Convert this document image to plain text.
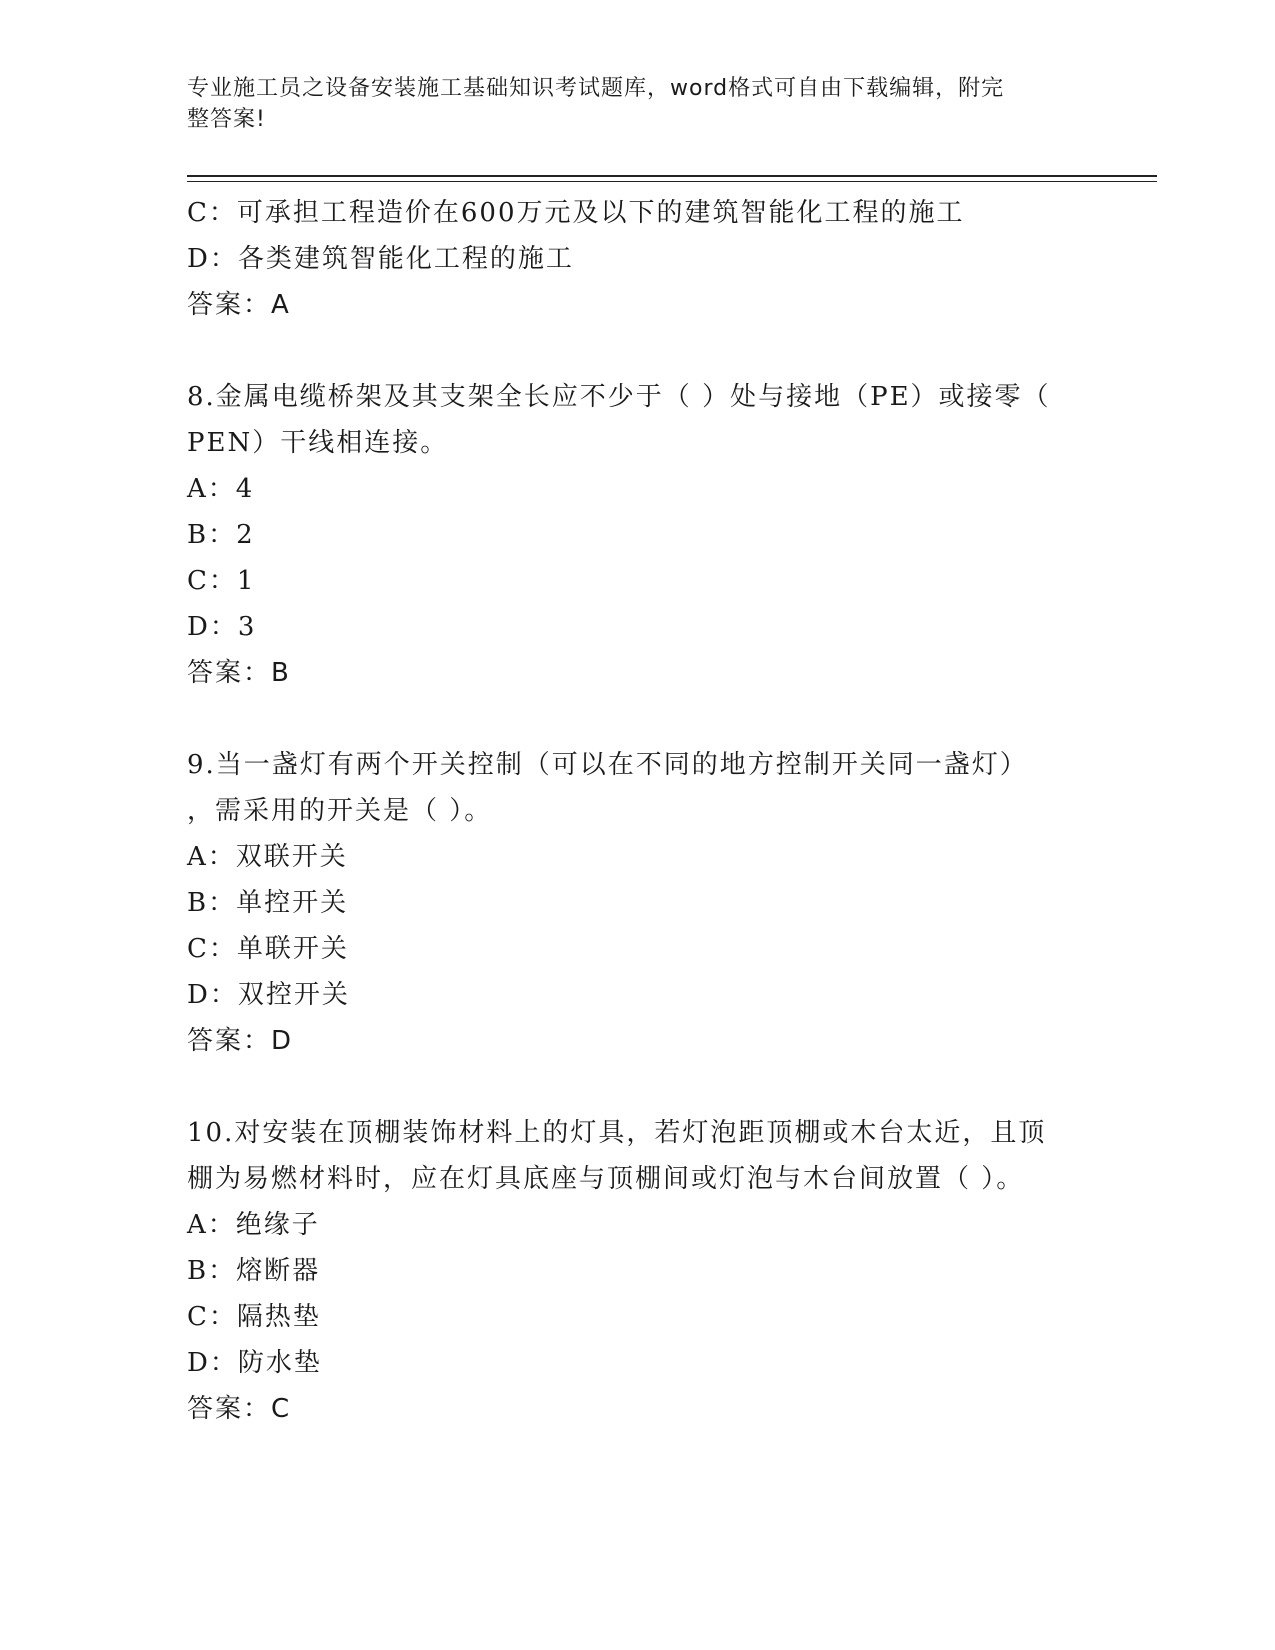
专业施工员之设备安装施工基础知识考试题库，word格式可自由下载编辑，附完
整答案!
C：可承担工程造价在600万元及以下的建筑智能化工程的施工
D：各类建筑智能化工程的施工
答案：A
8.金属电缆桥架及其支架全长应不少于（ ）处与接地（PE）或接零（
PEN）干线相连接。
A：4
B：2
C：1
D：3
答案：B
9.当一盏灯有两个开关控制（可以在不同的地方控制开关同一盏灯）
，需采用的开关是（ ）。
A：双联开关
B：单控开关
C：单联开关
D：双控开关
答案：D
10.对安装在顶棚装饰材料上的灯具，若灯泡距顶棚或木台太近，且顶
棚为易燃材料时，应在灯具底座与顶棚间或灯泡与木台间放置（ ）。
A：绝缘子
B：熔断器
C：隔热垫
D：防水垫
答案：C
